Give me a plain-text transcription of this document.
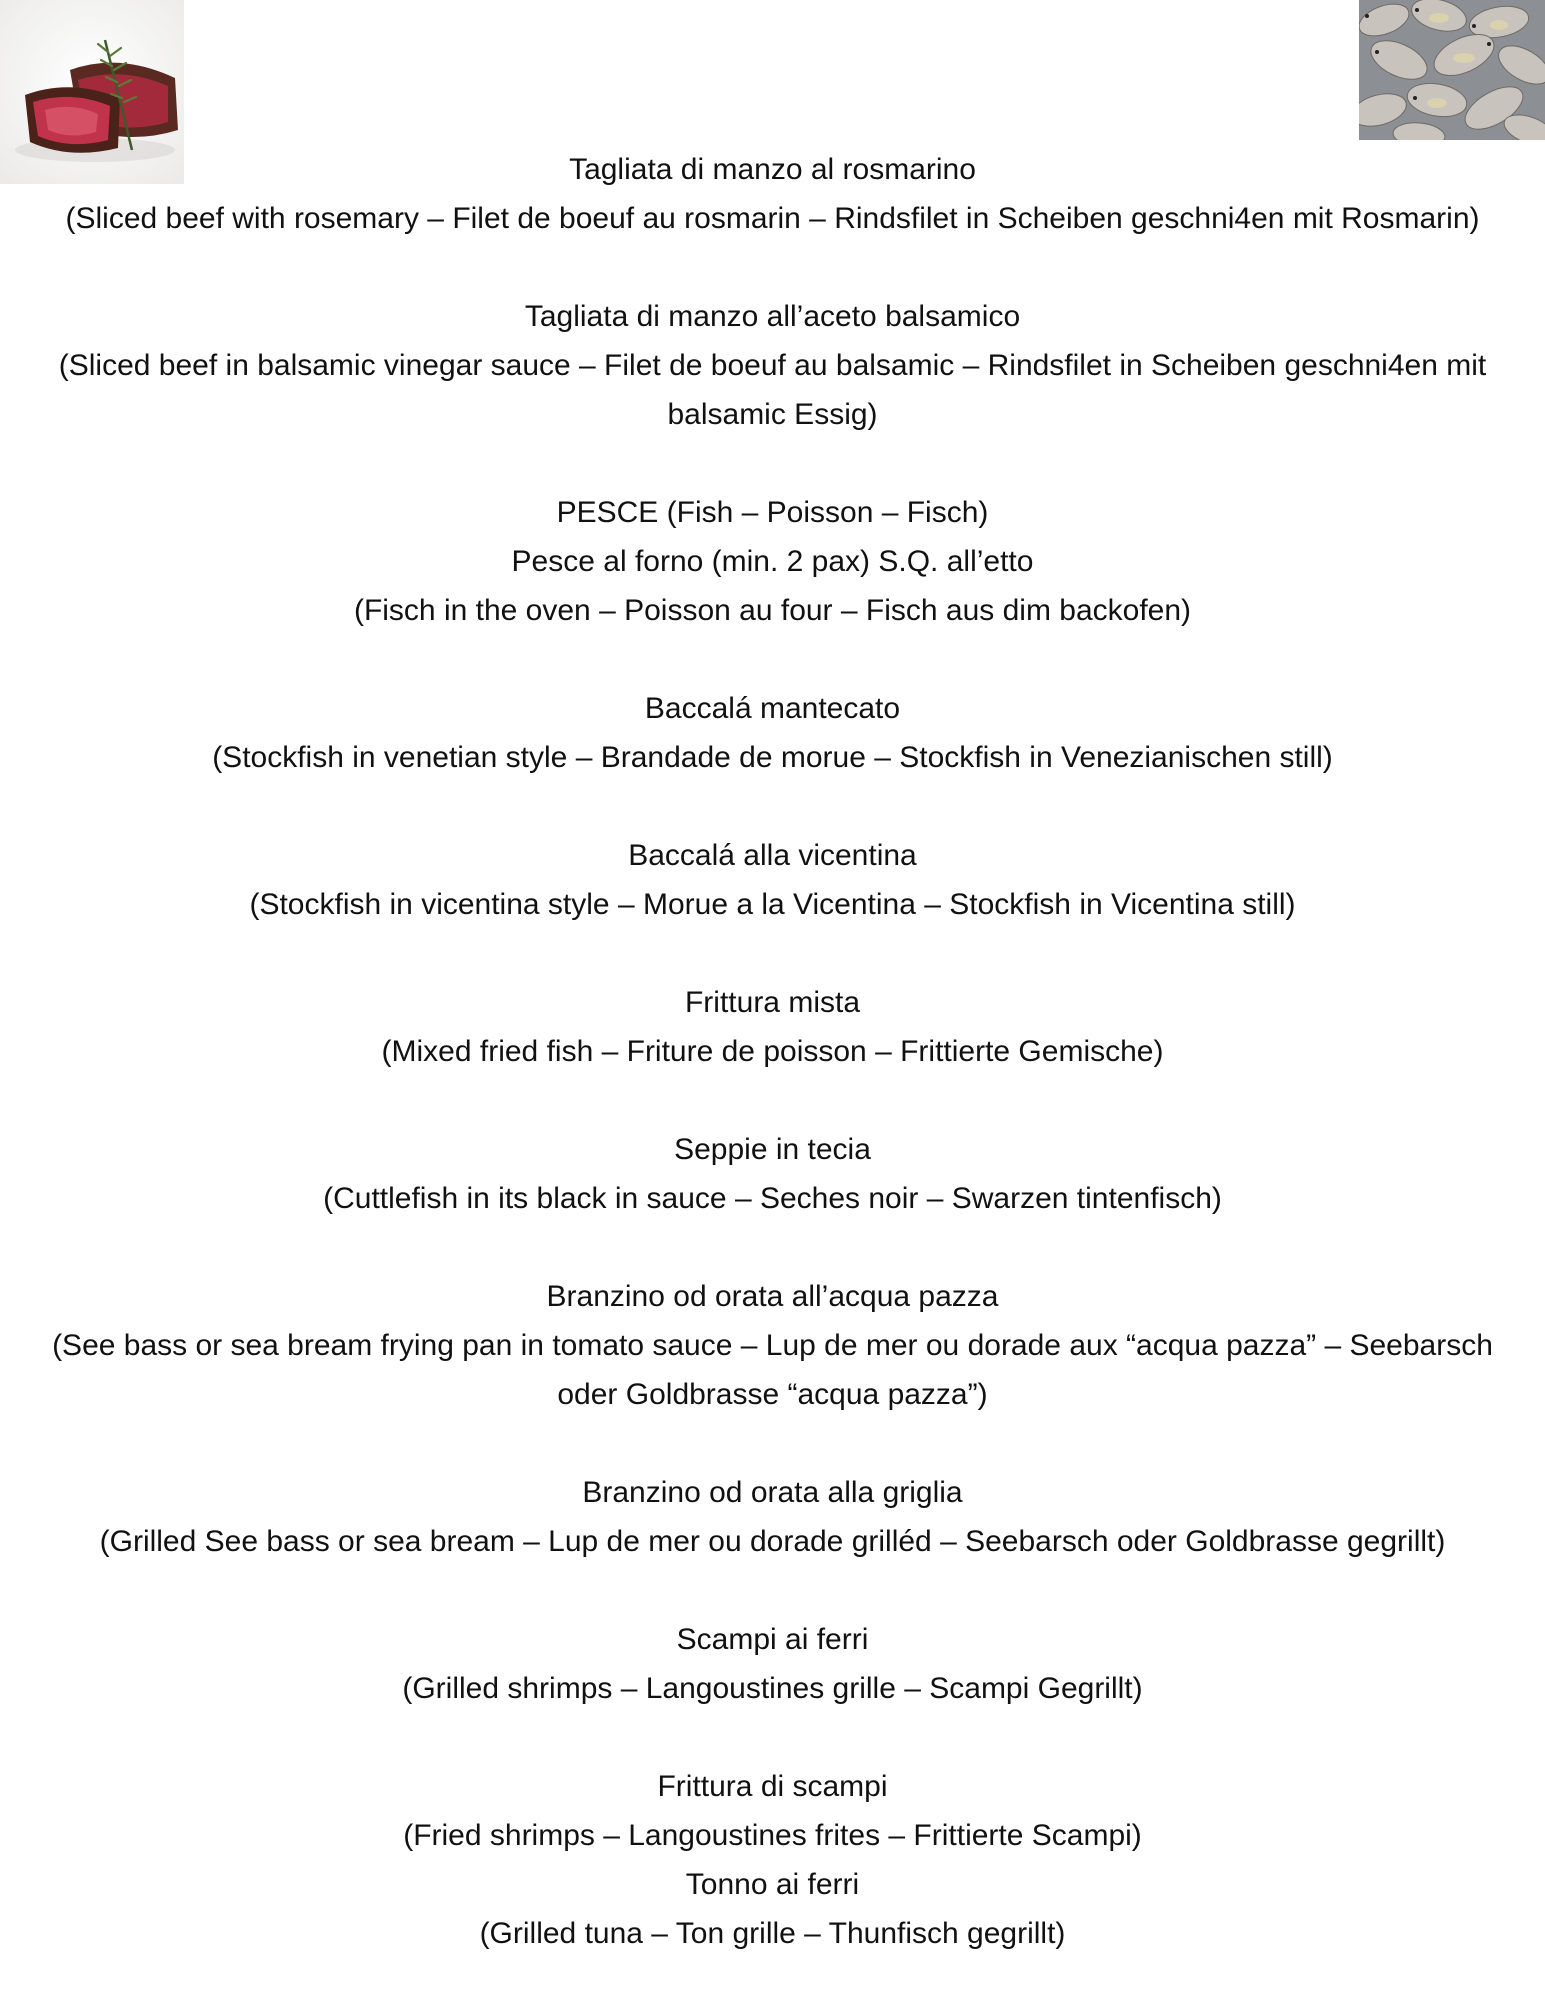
Tagliata di manzo al rosmarino
(Sliced beef with rosemary – Filet de boeuf au rosmarin – Rindsfilet in Scheiben geschni4en mit Rosmarin)
Tagliata di manzo all’aceto balsamico
(Sliced beef in balsamic vinegar sauce – Filet de boeuf au balsamic – Rindsfilet in Scheiben geschni4en mit balsamic Essig)
PESCE (Fish – Poisson – Fisch)
Pesce al forno (min. 2 pax) S.Q. all’etto
(Fisch in the oven – Poisson au four – Fisch aus dim backofen)
Baccalá mantecato
(Stockfish in venetian style – Brandade de morue – Stockfish in Venezianischen still)
Baccalá alla vicentina
(Stockfish in vicentina style – Morue a la Vicentina – Stockfish in Vicentina still)
Frittura mista
(Mixed fried fish – Friture de poisson – Frittierte Gemische)
Seppie in tecia
(Cuttlefish in its black in sauce – Seches noir – Swarzen tintenfisch)
Branzino od orata all’acqua pazza
(See bass or sea bream frying pan in tomato sauce – Lup de mer ou dorade aux “acqua pazza” – Seebarsch oder Goldbrasse “acqua pazza”)
Branzino od orata alla griglia
(Grilled See bass or sea bream – Lup de mer ou dorade grilléd – Seebarsch oder Goldbrasse gegrillt)
Scampi ai ferri
(Grilled shrimps – Langoustines grille – Scampi Gegrillt)
Frittura di scampi
(Fried shrimps – Langoustines frites – Frittierte Scampi)
Tonno ai ferri
(Grilled tuna – Ton grille – Thunfisch gegrillt)
